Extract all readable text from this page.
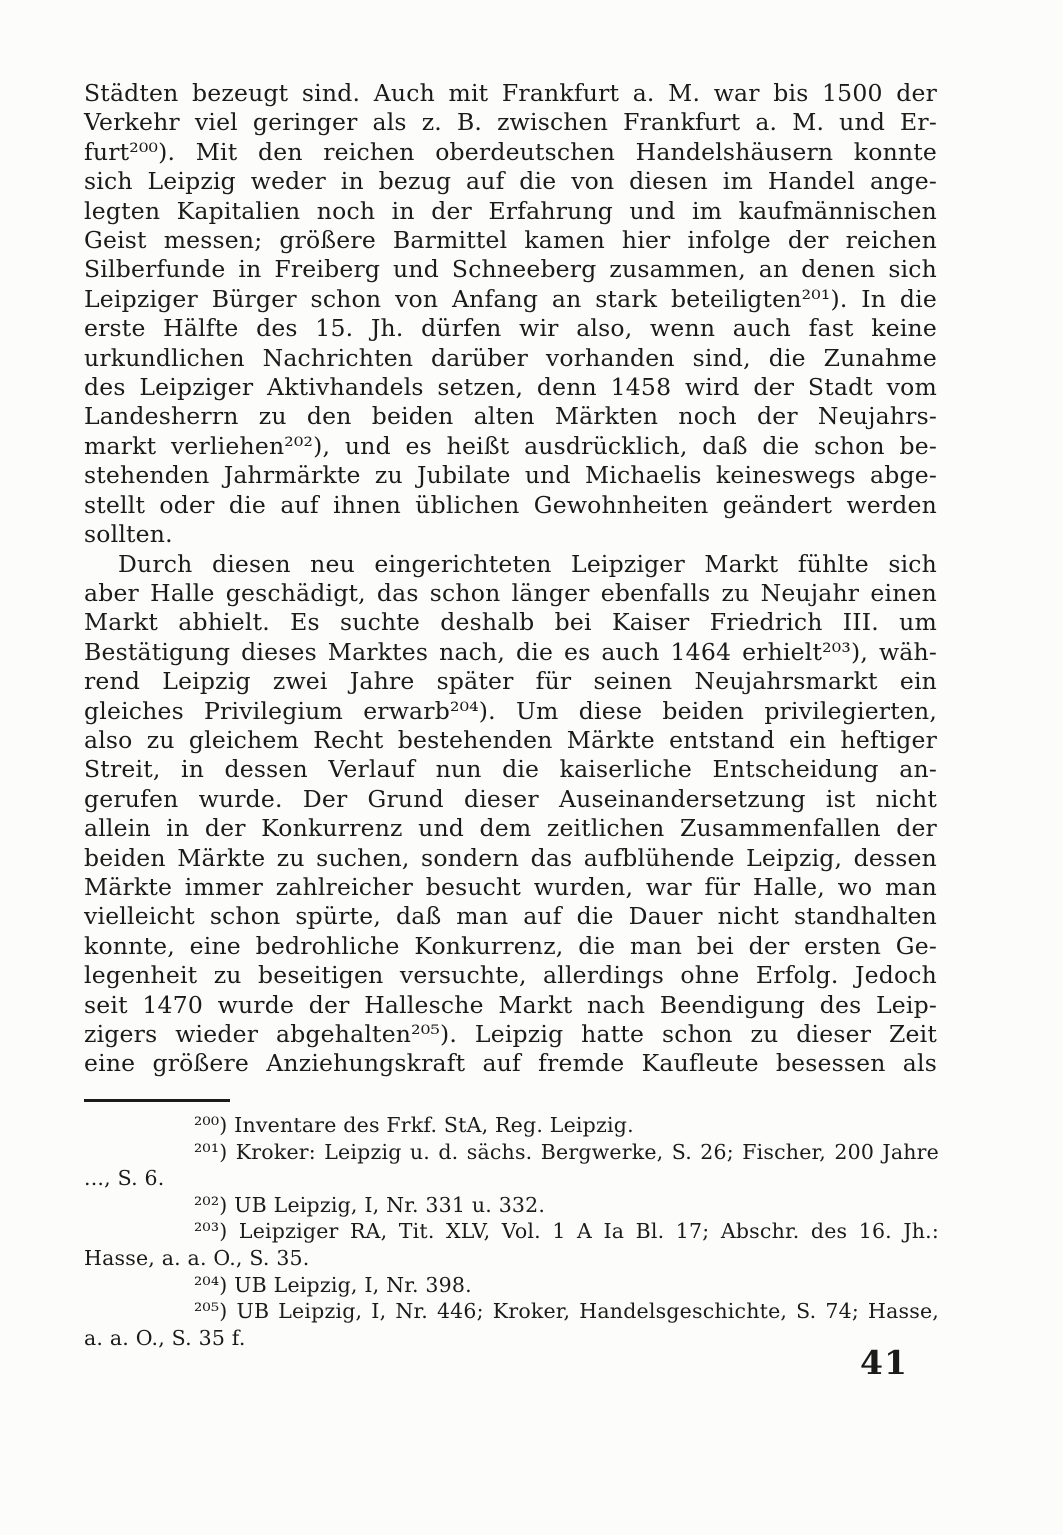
Städten bezeugt sind. Auch mit Frankfurt a. M. war bis 1500 der
Verkehr viel geringer als z. B. zwischen Frankfurt a. M. und Er-
furt²⁰⁰). Mit den reichen oberdeutschen Handelshäusern konnte
sich Leipzig weder in bezug auf die von diesen im Handel ange-
legten Kapitalien noch in der Erfahrung und im kaufmännischen
Geist messen; größere Barmittel kamen hier infolge der reichen
Silberfunde in Freiberg und Schneeberg zusammen, an denen sich
Leipziger Bürger schon von Anfang an stark beteiligten²⁰¹). In die
erste Hälfte des 15. Jh. dürfen wir also, wenn auch fast keine
urkundlichen Nachrichten darüber vorhanden sind, die Zunahme
des Leipziger Aktivhandels setzen, denn 1458 wird der Stadt vom
Landesherrn zu den beiden alten Märkten noch der Neujahrs-
markt verliehen²⁰²), und es heißt ausdrücklich, daß die schon be-
stehenden Jahrmärkte zu Jubilate und Michaelis keineswegs abge-
stellt oder die auf ihnen üblichen Gewohnheiten geändert werden
sollten.
Durch diesen neu eingerichteten Leipziger Markt fühlte sich
aber Halle geschädigt, das schon länger ebenfalls zu Neujahr einen
Markt abhielt. Es suchte deshalb bei Kaiser Friedrich III. um
Bestätigung dieses Marktes nach, die es auch 1464 erhielt²⁰³), wäh-
rend Leipzig zwei Jahre später für seinen Neujahrsmarkt ein
gleiches Privilegium erwarb²⁰⁴). Um diese beiden privilegierten,
also zu gleichem Recht bestehenden Märkte entstand ein heftiger
Streit, in dessen Verlauf nun die kaiserliche Entscheidung an-
gerufen wurde. Der Grund dieser Auseinandersetzung ist nicht
allein in der Konkurrenz und dem zeitlichen Zusammenfallen der
beiden Märkte zu suchen, sondern das aufblühende Leipzig, dessen
Märkte immer zahlreicher besucht wurden, war für Halle, wo man
vielleicht schon spürte, daß man auf die Dauer nicht standhalten
konnte, eine bedrohliche Konkurrenz, die man bei der ersten Ge-
legenheit zu beseitigen versuchte, allerdings ohne Erfolg. Jedoch
seit 1470 wurde der Hallesche Markt nach Beendigung des Leip-
zigers wieder abgehalten²⁰⁵). Leipzig hatte schon zu dieser Zeit
eine größere Anziehungskraft auf fremde Kaufleute besessen als
²⁰⁰) Inventare des Frkf. StA, Reg. Leipzig.
²⁰¹) Kroker: Leipzig u. d. sächs. Bergwerke, S. 26; Fischer, 200 Jahre
..., S. 6.
²⁰²) UB Leipzig, I, Nr. 331 u. 332.
²⁰³) Leipziger RA, Tit. XLV, Vol. 1 A Ia Bl. 17; Abschr. des 16. Jh.:
Hasse, a. a. O., S. 35.
²⁰⁴) UB Leipzig, I, Nr. 398.
²⁰⁵) UB Leipzig, I, Nr. 446; Kroker, Handelsgeschichte, S. 74; Hasse,
a. a. O., S. 35 f.
41
